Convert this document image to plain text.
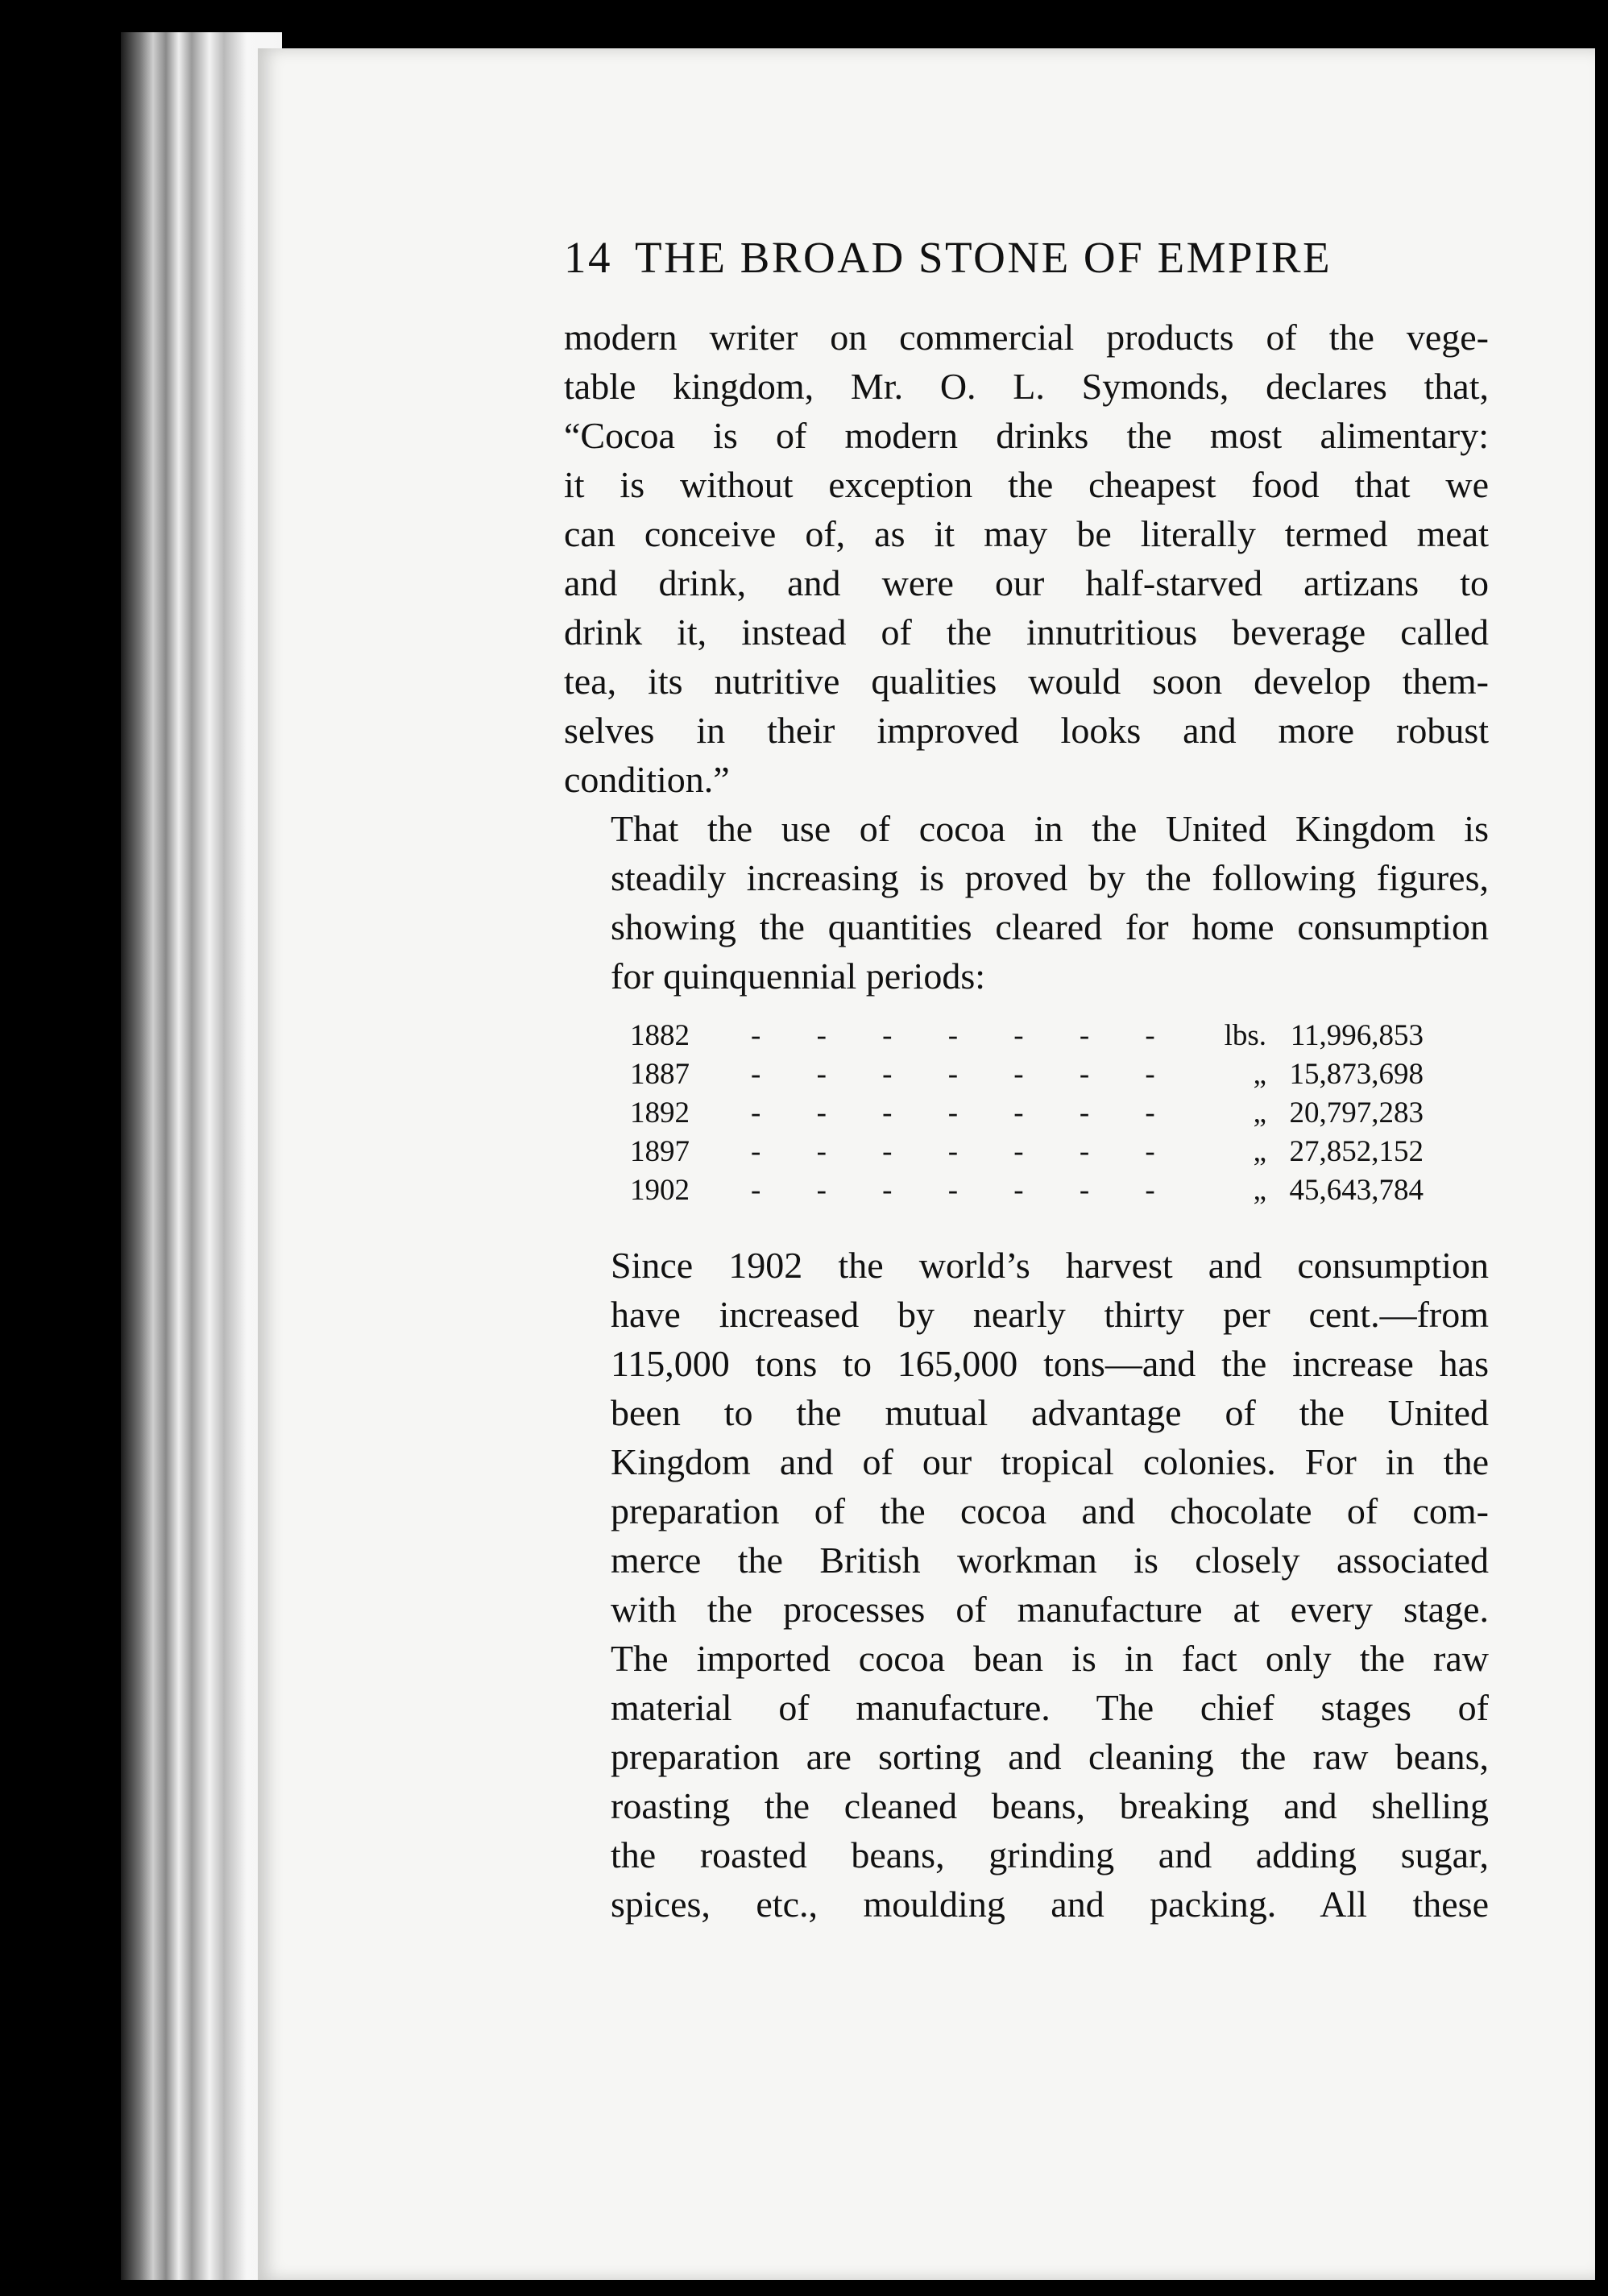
14 THE BROAD STONE OF EMPIRE
modern writer on commercial products of the vege-
table kingdom, Mr. O. L. Symonds, declares that,
“Cocoa is of modern drinks the most alimentary:
it is without exception the cheapest food that we
can conceive of, as it may be literally termed meat
and drink, and were our half-starved artizans to
drink it, instead of the innutritious beverage called
tea, its nutritive qualities would soon develop them-
selves in their improved looks and more robust
condition.”
That the use of cocoa in the United Kingdom is
steadily increasing is proved by the following figures,
showing the quantities cleared for home consumption
for quinquennial periods:
1882 - - - - - - -	lbs. 11,996,853
1887 - - - - - - -	„ 15,873,698
1892 - - - - - - -	„ 20,797,283
1897 - - - - - - -	„ 27,852,152
1902 - - - - - - -	„ 45,643,784
Since 1902 the world’s harvest and consumption
have increased by nearly thirty per cent.—from
115,000 tons to 165,000 tons—and the increase has
been to the mutual advantage of the United
Kingdom and of our tropical colonies. For in the
preparation of the cocoa and chocolate of com-
merce the British workman is closely associated
with the processes of manufacture at every stage.
The imported cocoa bean is in fact only the raw
material of manufacture. The chief stages of
preparation are sorting and cleaning the raw beans,
roasting the cleaned beans, breaking and shelling
the roasted beans, grinding and adding sugar,
spices, etc., moulding and packing. All these
